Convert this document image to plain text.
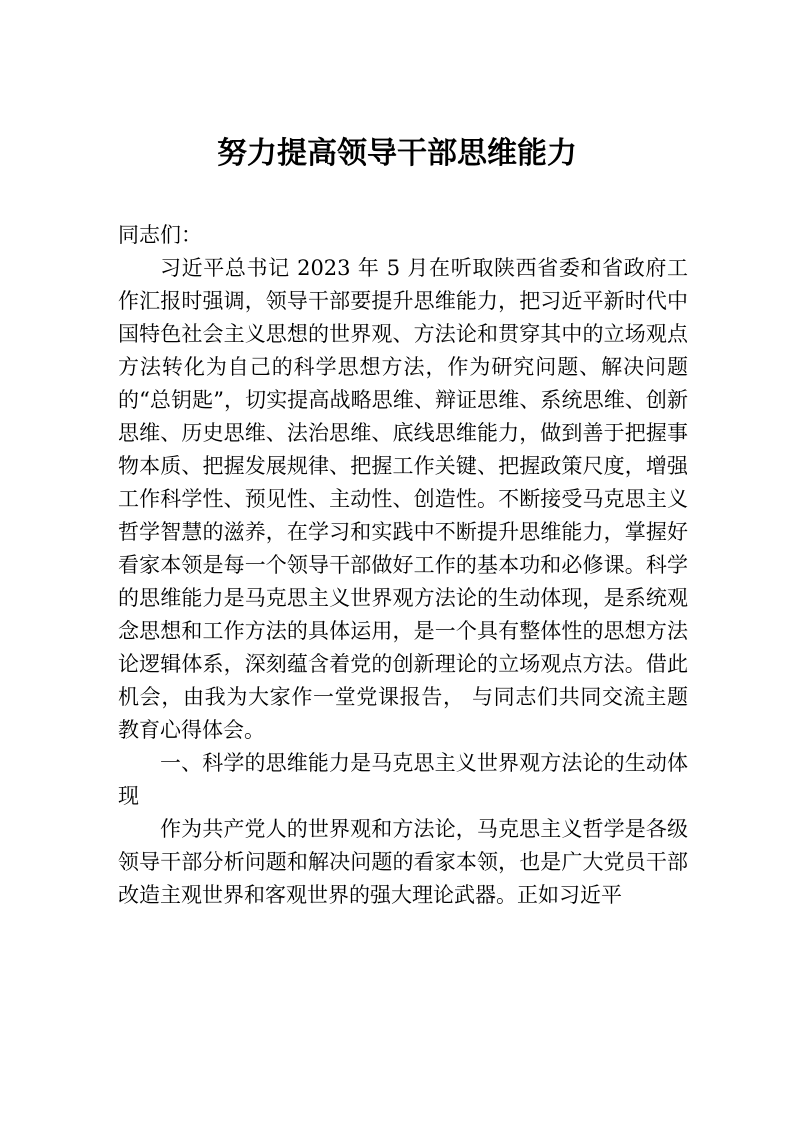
努力提高领导干部思维能力

同志们：

习近平总书记 2023 年 5 月在听取陕西省委和省政府工作汇报时强调，领导干部要提升思维能力，把习近平新时代中国特色社会主义思想的世界观、方法论和贯穿其中的立场观点方法转化为自己的科学思想方法，作为研究问题、解决问题的“总钥匙”，切实提高战略思维、辩证思维、系统思维、创新思维、历史思维、法治思维、底线思维能力，做到善于把握事物本质、把握发展规律、把握工作关键、把握政策尺度，增强工作科学性、预见性、主动性、创造性。不断接受马克思主义哲学智慧的滋养，在学习和实践中不断提升思维能力，掌握好看家本领是每一个领导干部做好工作的基本功和必修课。科学的思维能力是马克思主义世界观方法论的生动体现，是系统观念思想和工作方法的具体运用，是一个具有整体性的思想方法论逻辑体系，深刻蕴含着党的创新理论的立场观点方法。借此机会，由我为大家作一堂党课报告， 与同志们共同交流主题教育心得体会。

一、科学的思维能力是马克思主义世界观方法论的生动体现

作为共产党人的世界观和方法论，马克思主义哲学是各级领导干部分析问题和解决问题的看家本领，也是广大党员干部改造主观世界和客观世界的强大理论武器。正如习近平
